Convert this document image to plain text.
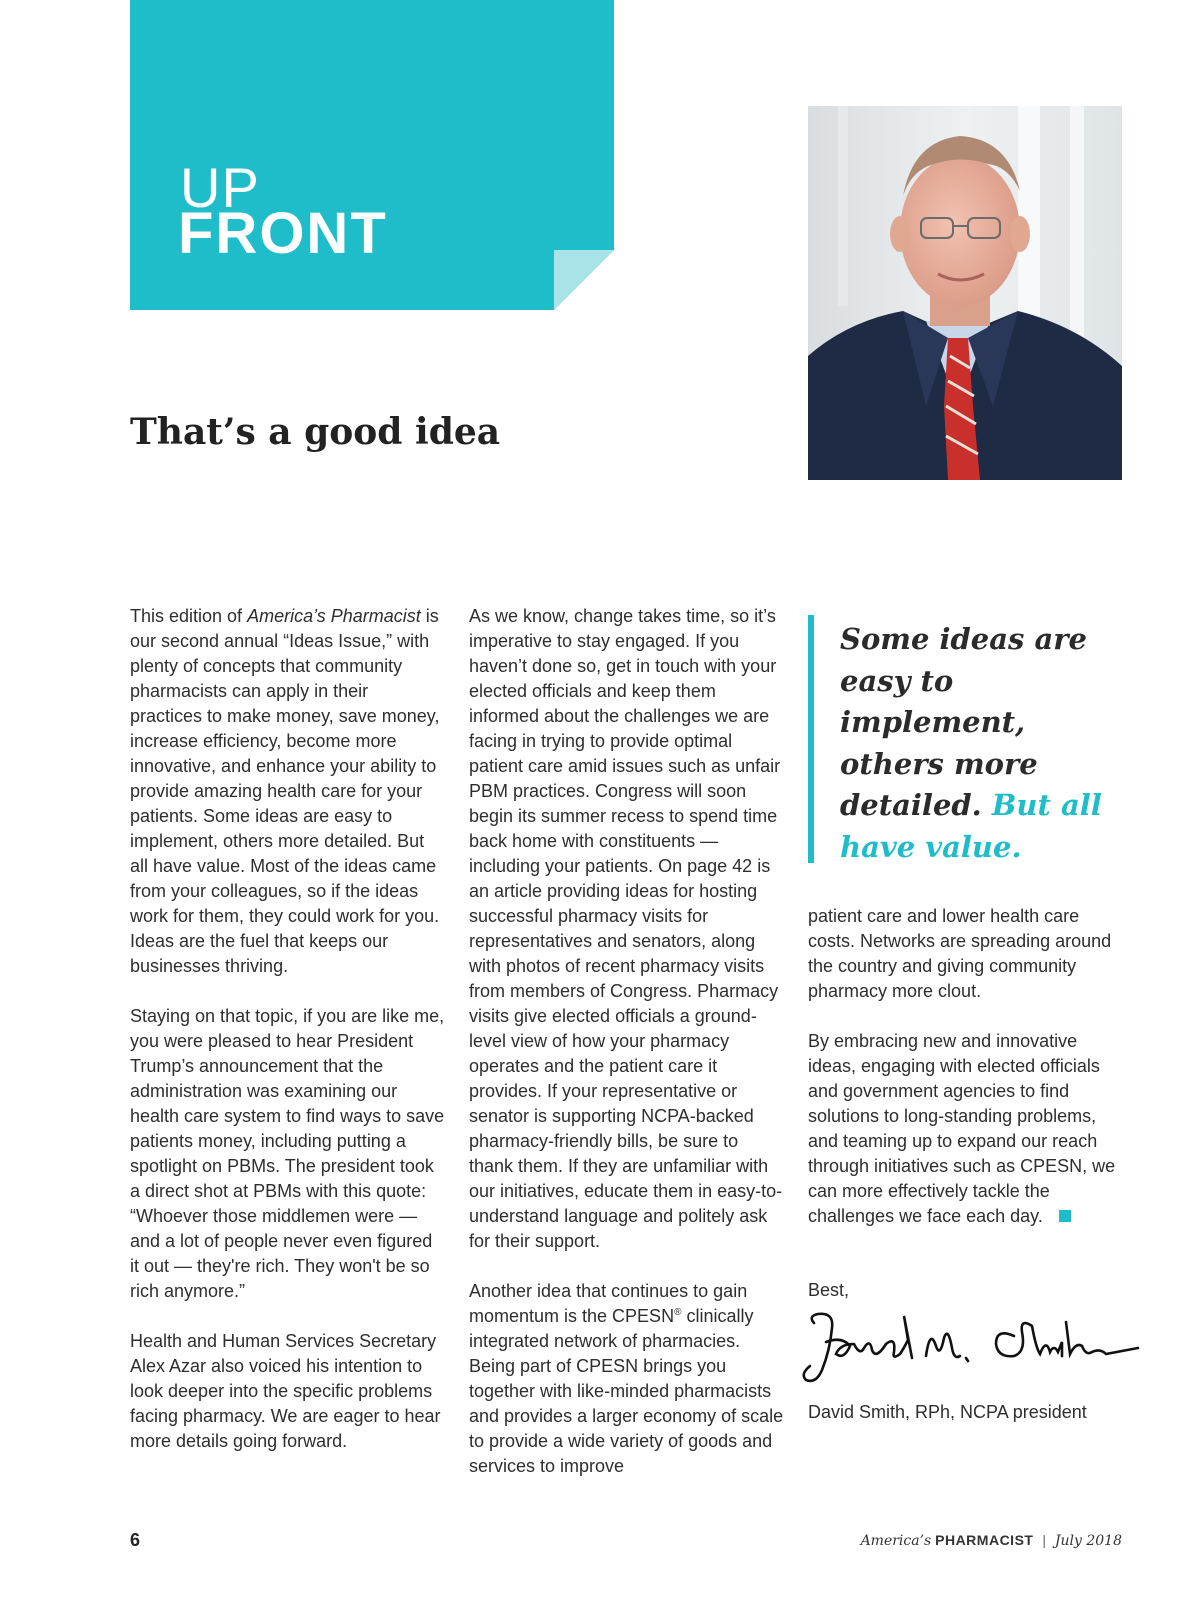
UP
FRONT
That’s a good idea

This edition of America’s Pharmacist is our second annual “Ideas Issue,” with plenty of concepts that community pharmacists can apply in their practices to make money, save money, increase efficiency, become more innovative, and enhance your ability to provide amazing health care for your patients. Some ideas are easy to implement, others more detailed. But all have value. Most of the ideas came from your colleagues, so if the ideas work for them, they could work for you. Ideas are the fuel that keeps our businesses thriving.

Staying on that topic, if you are like me, you were pleased to hear President Trump’s announcement that the administration was examining our health care system to find ways to save patients money, including putting a spotlight on PBMs. The president took a direct shot at PBMs with this quote: “Whoever those middlemen were — and a lot of people never even figured it out — they're rich. They won't be so rich anymore.”

Health and Human Services Secretary Alex Azar also voiced his intention to look deeper into the specific problems facing pharmacy. We are eager to hear more details going forward.

As we know, change takes time, so it’s imperative to stay engaged. If you haven’t done so, get in touch with your elected officials and keep them informed about the challenges we are facing in trying to provide optimal patient care amid issues such as unfair PBM practices. Congress will soon begin its summer recess to spend time back home with constituents — including your patients. On page 42 is an article providing ideas for hosting successful pharmacy visits for representatives and senators, along with photos of recent pharmacy visits from members of Congress. Pharmacy visits give elected officials a ground-level view of how your pharmacy operates and the patient care it provides. If your representative or senator is supporting NCPA-backed pharmacy-friendly bills, be sure to thank them. If they are unfamiliar with our initiatives, educate them in easy-to-understand language and politely ask for their support.

Another idea that continues to gain momentum is the CPESN® clinically integrated network of pharmacies. Being part of CPESN brings you together with like-minded pharmacists and provides a larger economy of scale to provide a wide variety of goods and services to improve

Some ideas are easy to implement, others more detailed. But all have value.

patient care and lower health care costs. Networks are spreading around the country and giving community pharmacy more clout.

By embracing new and innovative ideas, engaging with elected officials and government agencies to find solutions to long-standing problems, and teaming up to expand our reach through initiatives such as CPESN, we can more effectively tackle the challenges we face each day.

Best,
David Smith, RPh, NCPA president
6	America’s PHARMACIST | July 2018
